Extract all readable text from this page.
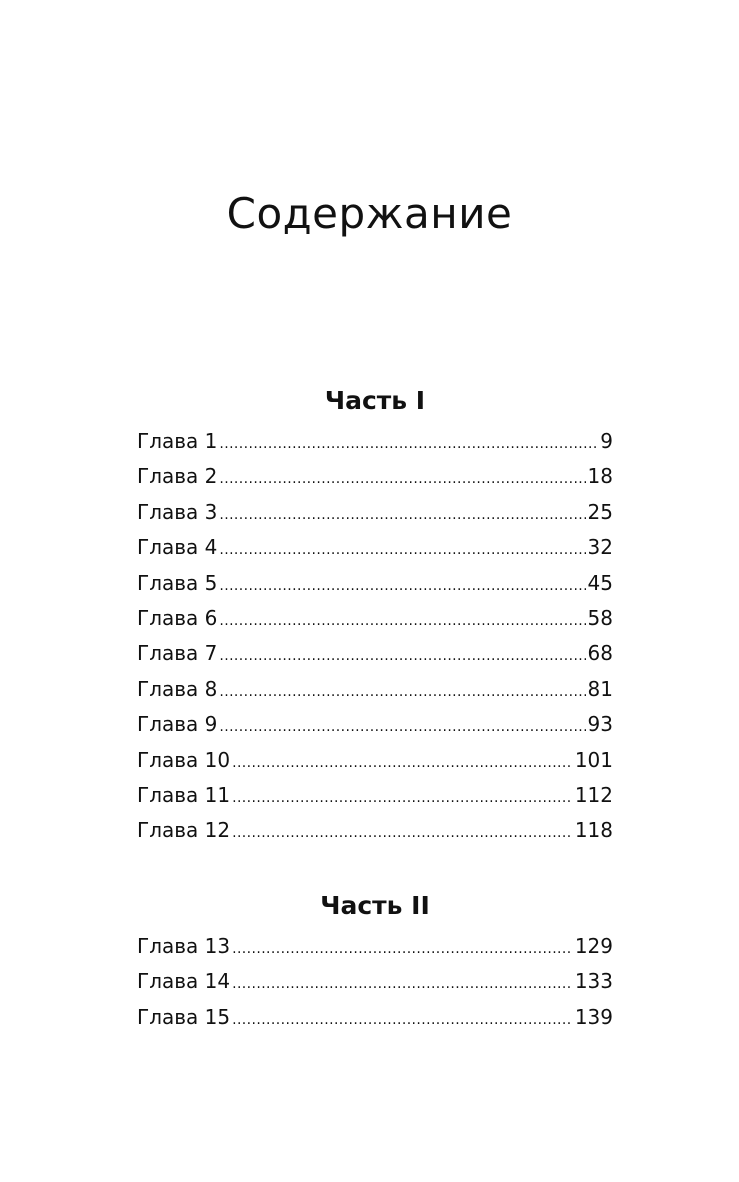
Содержание
Часть I
Глава 1 .....	9
Глава 2 .....	18
Глава 3 .....	25
Глава 4 .....	32
Глава 5 .....	45
Глава 6 .....	58
Глава 7 .....	68
Глава 8 .....	81
Глава 9 .....	93
Глава 10 .....	101
Глава 11 .....	112
Глава 12 .....	118
Часть II
Глава 13 .....	129
Глава 14 .....	133
Глава 15 .....	139
